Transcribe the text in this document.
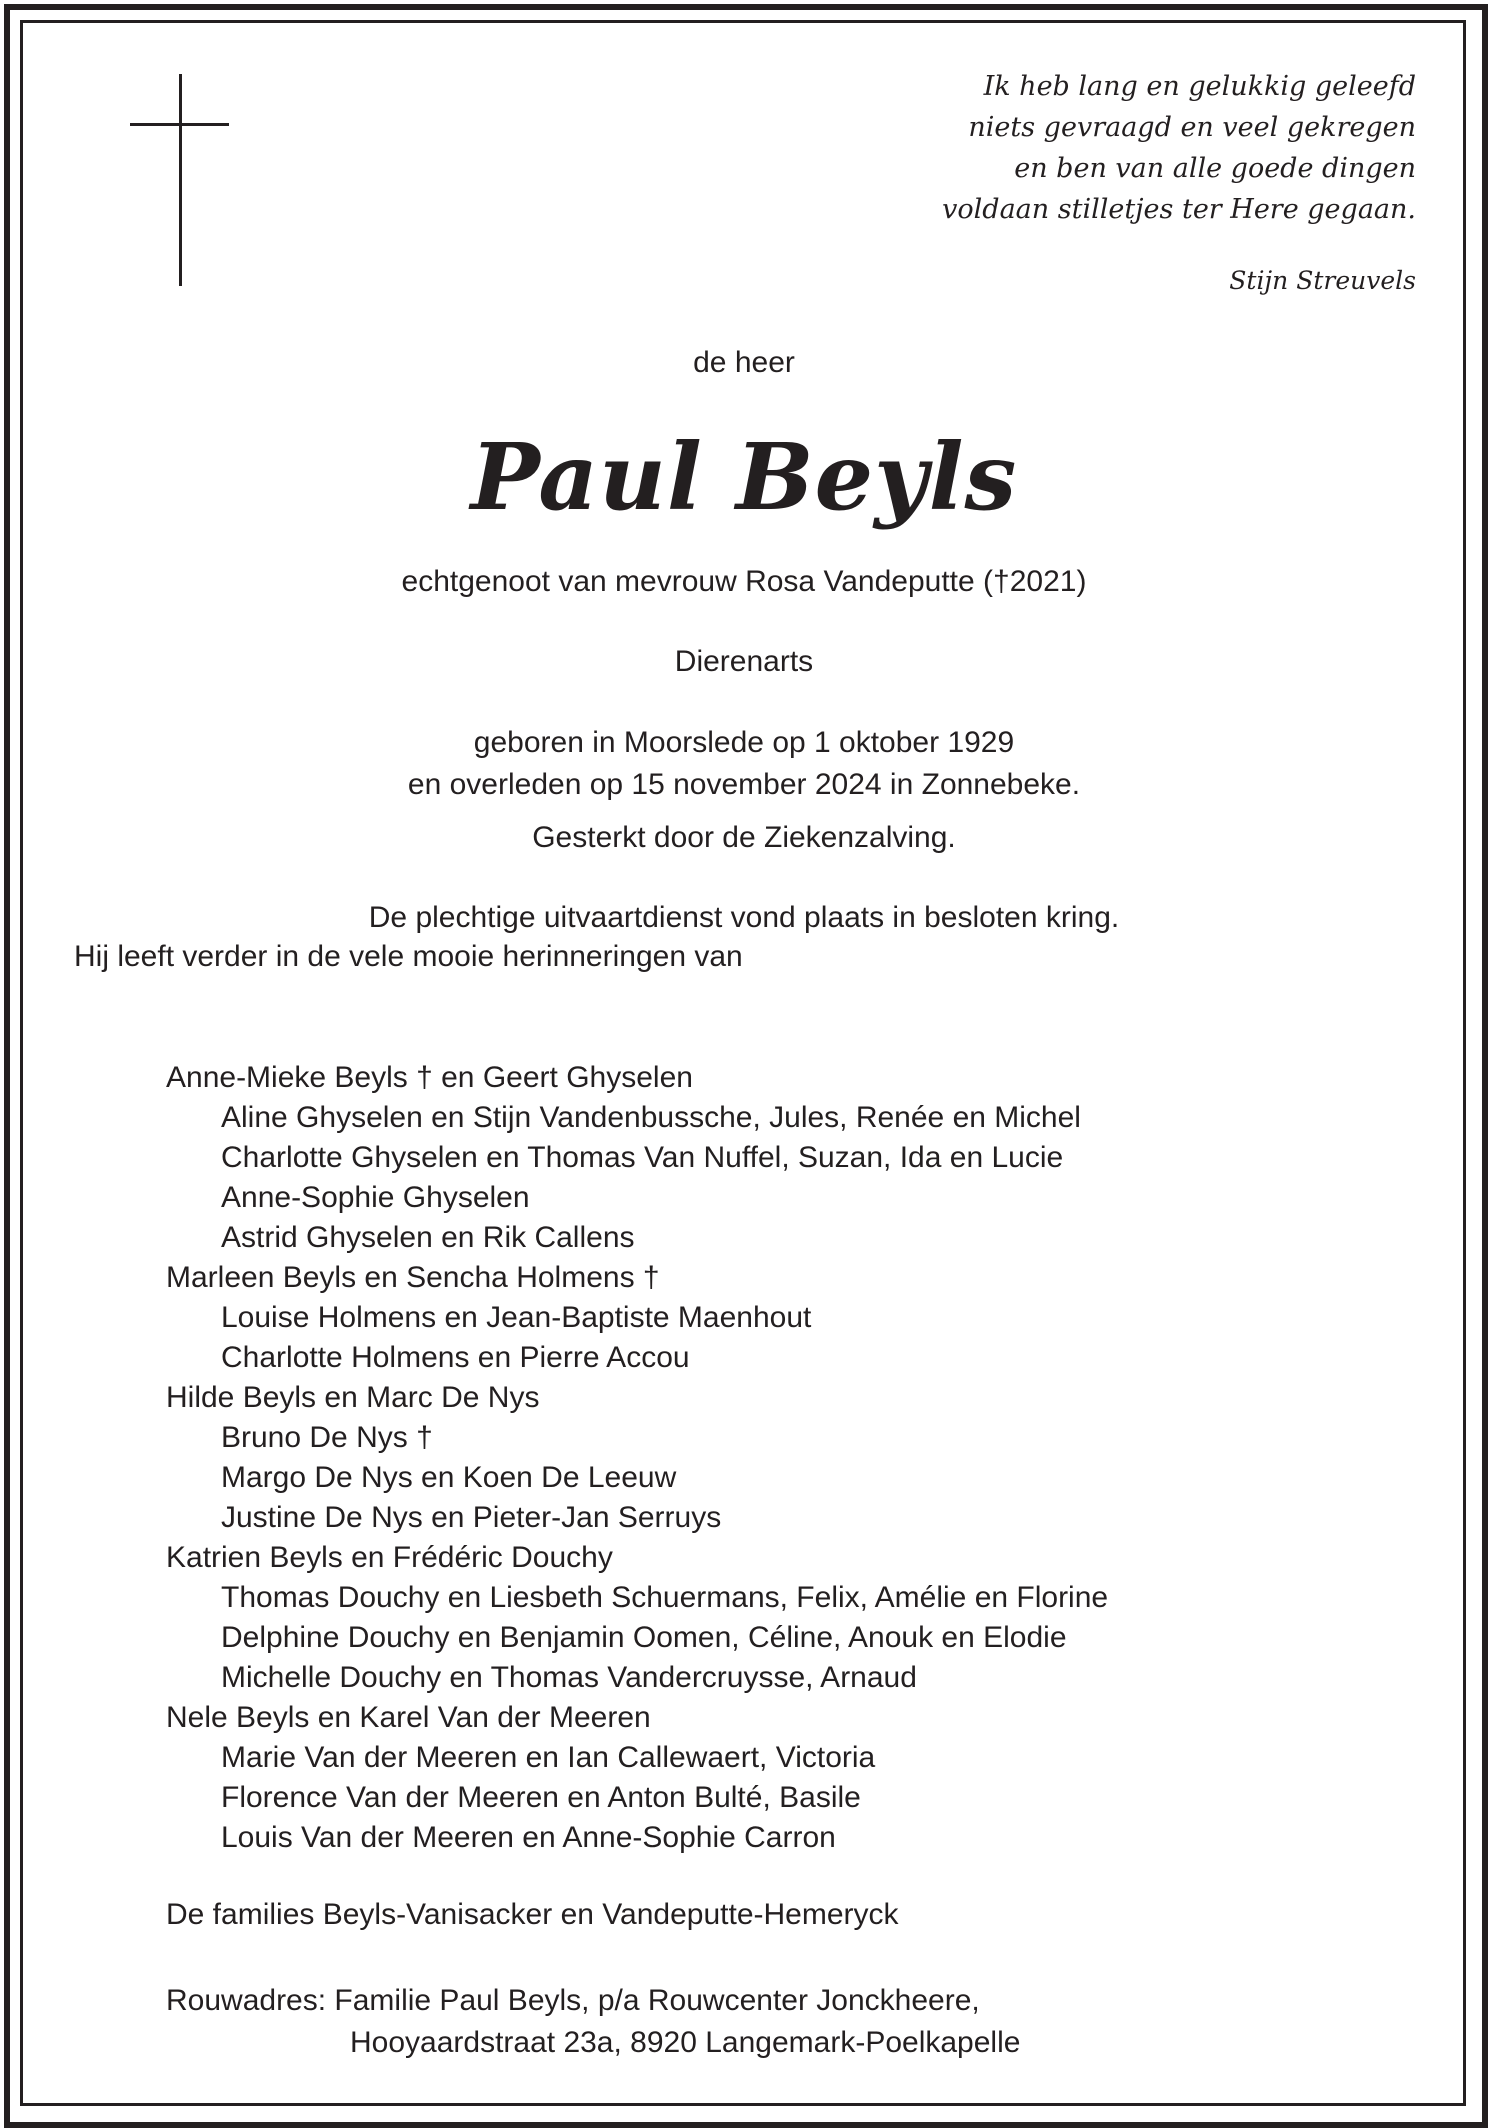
Ik heb lang en gelukkig geleefd
niets gevraagd en veel gekregen
en ben van alle goede dingen
voldaan stilletjes ter Here gegaan.
Stijn Streuvels
de heer
Paul Beyls
echtgenoot van mevrouw Rosa Vandeputte (†2021)
Dierenarts
geboren in Moorslede op 1 oktober 1929
en overleden op 15 november 2024 in Zonnebeke.
Gesterkt door de Ziekenzalving.
De plechtige uitvaartdienst vond plaats in besloten kring.
Hij leeft verder in de vele mooie herinneringen van
Anne-Mieke Beyls † en Geert Ghyselen
Aline Ghyselen en Stijn Vandenbussche, Jules, Renée en Michel
Charlotte Ghyselen en Thomas Van Nuffel, Suzan, Ida en Lucie
Anne-Sophie Ghyselen
Astrid Ghyselen en Rik Callens
Marleen Beyls en Sencha Holmens †
Louise Holmens en Jean-Baptiste Maenhout
Charlotte Holmens en Pierre Accou
Hilde Beyls en Marc De Nys
Bruno De Nys †
Margo De Nys en Koen De Leeuw
Justine De Nys en Pieter-Jan Serruys
Katrien Beyls en Frédéric Douchy
Thomas Douchy en Liesbeth Schuermans, Felix, Amélie en Florine
Delphine Douchy en Benjamin Oomen, Céline, Anouk en Elodie
Michelle Douchy en Thomas Vandercruysse, Arnaud
Nele Beyls en Karel Van der Meeren
Marie Van der Meeren en Ian Callewaert, Victoria
Florence Van der Meeren en Anton Bulté, Basile
Louis Van der Meeren en Anne-Sophie Carron
De families Beyls-Vanisacker en Vandeputte-Hemeryck
Rouwadres: Familie Paul Beyls, p/a Rouwcenter Jonckheere,
Hooyaardstraat 23a, 8920 Langemark-Poelkapelle
